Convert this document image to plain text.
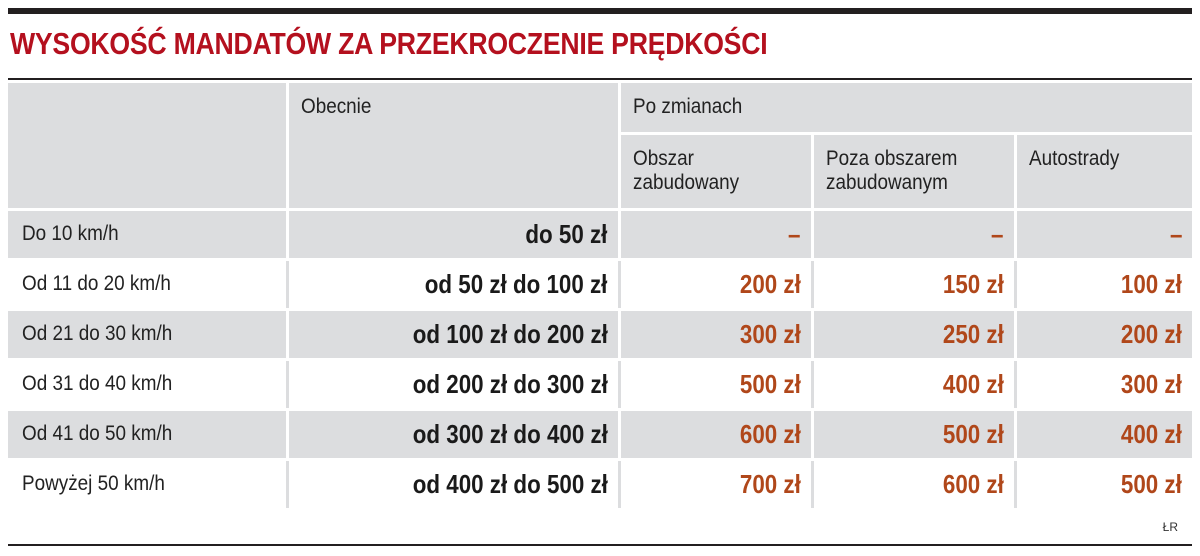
WYSOKOŚĆ MANDATÓW ZA PRZEKROCZENIE PRĘDKOŚCI
	Obecnie	Po zmianach		
		Obszar zabudowany	Poza obszarem zabudowanym	Autostrady
Do 10 km/h	do 50 zł	–	–	–
Od 11 do 20 km/h	od 50 zł do 100 zł	200 zł	150 zł	100 zł
Od 21 do 30 km/h	od 100 zł do 200 zł	300 zł	250 zł	200 zł
Od 31 do 40 km/h	od 200 zł do 300 zł	500 zł	400 zł	300 zł
Od 41 do 50 km/h	od 300 zł do 400 zł	600 zł	500 zł	400 zł
Powyżej 50 km/h	od 400 zł do 500 zł	700 zł	600 zł	500 zł
ŁR
